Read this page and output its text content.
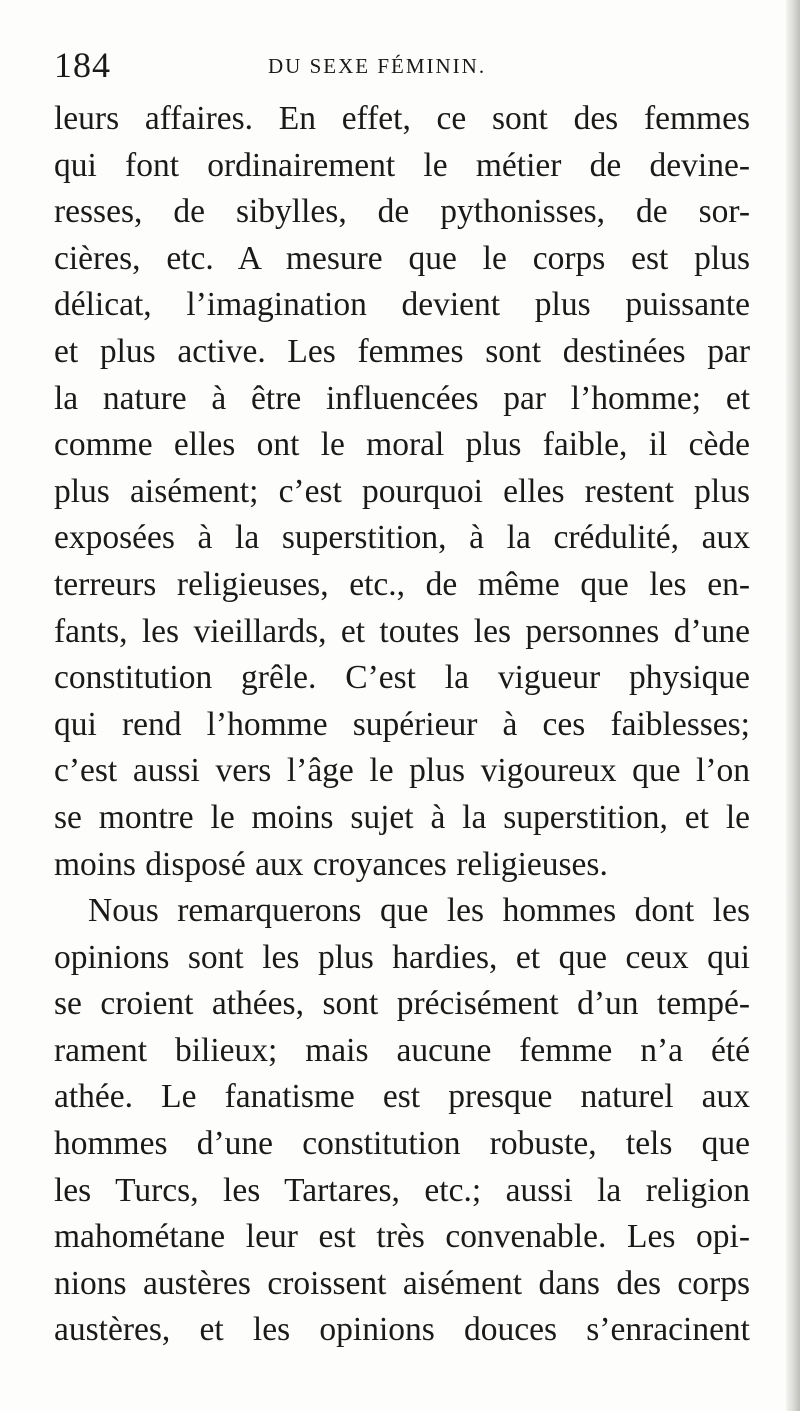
184	DU SEXE FÉMININ.
leurs affaires. En effet, ce sont des femmes
qui font ordinairement le métier de devine-
resses, de sibylles, de pythonisses, de sor-
cières, etc. A mesure que le corps est plus
délicat, l’imagination devient plus puissante
et plus active. Les femmes sont destinées par
la nature à être influencées par l’homme; et
comme elles ont le moral plus faible, il cède
plus aisément; c’est pourquoi elles restent plus
exposées à la superstition, à la crédulité, aux
terreurs religieuses, etc., de même que les en-
fants, les vieillards, et toutes les personnes d’une
constitution grêle. C’est la vigueur physique
qui rend l’homme supérieur à ces faiblesses;
c’est aussi vers l’âge le plus vigoureux que l’on
se montre le moins sujet à la superstition, et le
moins disposé aux croyances religieuses.
Nous remarquerons que les hommes dont les
opinions sont les plus hardies, et que ceux qui
se croient athées, sont précisément d’un tempé-
rament bilieux; mais aucune femme n’a été
athée. Le fanatisme est presque naturel aux
hommes d’une constitution robuste, tels que
les Turcs, les Tartares, etc.; aussi la religion
mahométane leur est très convenable. Les opi-
nions austères croissent aisément dans des corps
austères, et les opinions douces s’enracinent
